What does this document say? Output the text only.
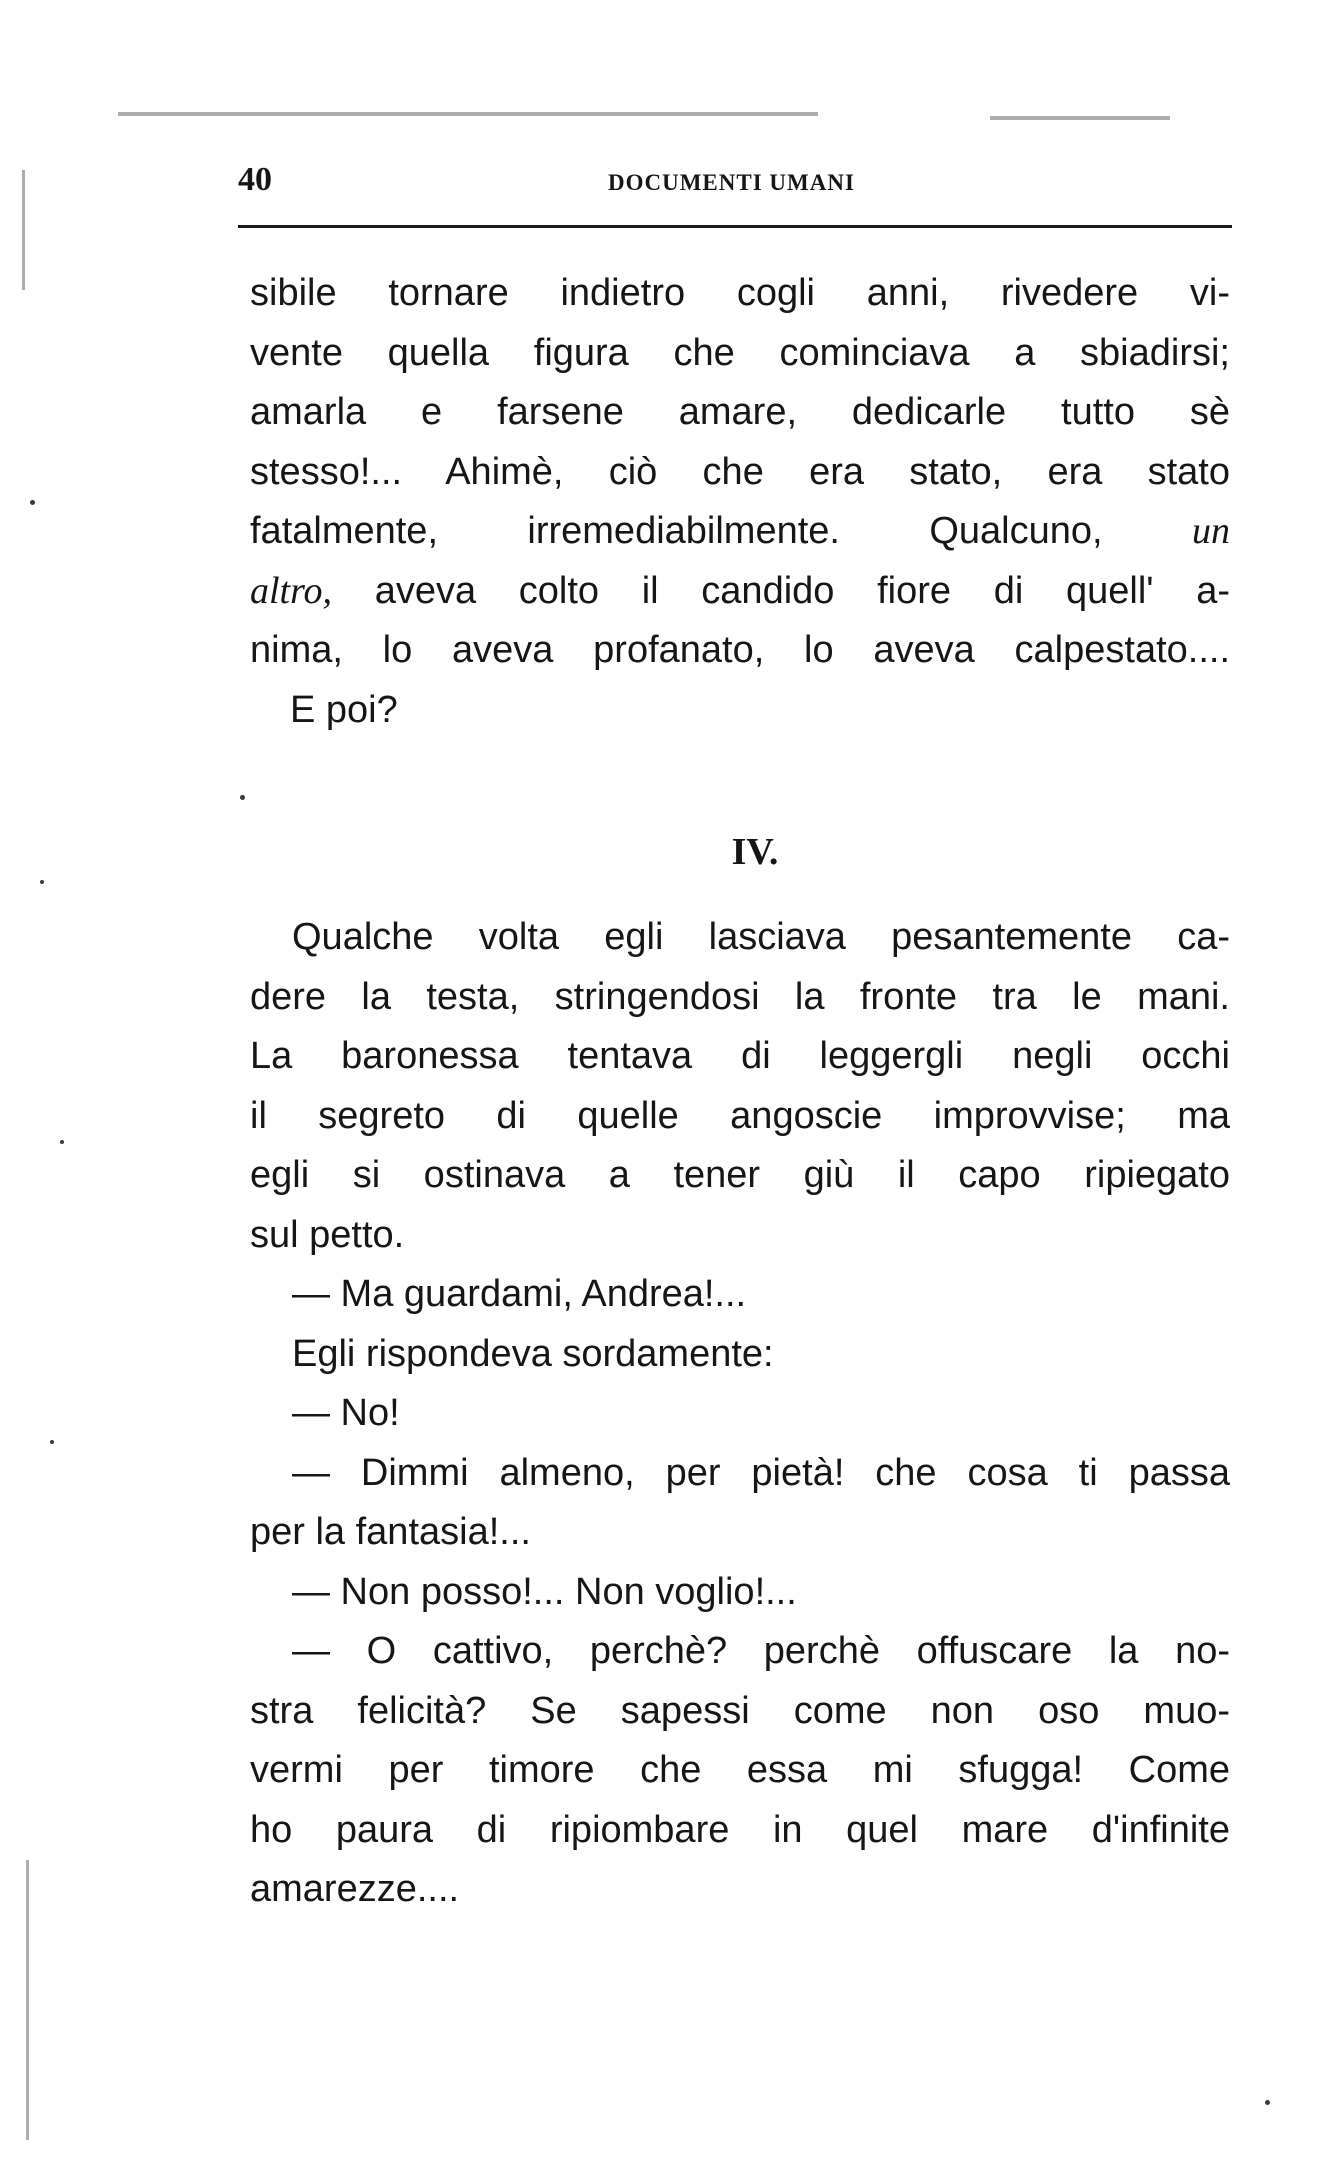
40	DOCUMENTI UMANI
sibile tornare indietro cogli anni, rivedere vi-
vente quella figura che cominciava a sbiadirsi;
amarla e farsene amare, dedicarle tutto sè
stesso!... Ahimè, ciò che era stato, era stato
fatalmente, irremediabilmente. Qualcuno, un
altro, aveva colto il candido fiore di quell' a-
nima, lo aveva profanato, lo aveva calpestato....
E poi?
IV.
Qualche volta egli lasciava pesantemente ca-
dere la testa, stringendosi la fronte tra le mani.
La baronessa tentava di leggergli negli occhi
il segreto di quelle angoscie improvvise; ma
egli si ostinava a tener giù il capo ripiegato
sul petto.
— Ma guardami, Andrea!...
Egli rispondeva sordamente:
— No!
— Dimmi almeno, per pietà! che cosa ti passa
per la fantasia!...
— Non posso!... Non voglio!...
— O cattivo, perchè? perchè offuscare la no-
stra felicità? Se sapessi come non oso muo-
vermi per timore che essa mi sfugga! Come
ho paura di ripiombare in quel mare d'infinite
amarezze....
